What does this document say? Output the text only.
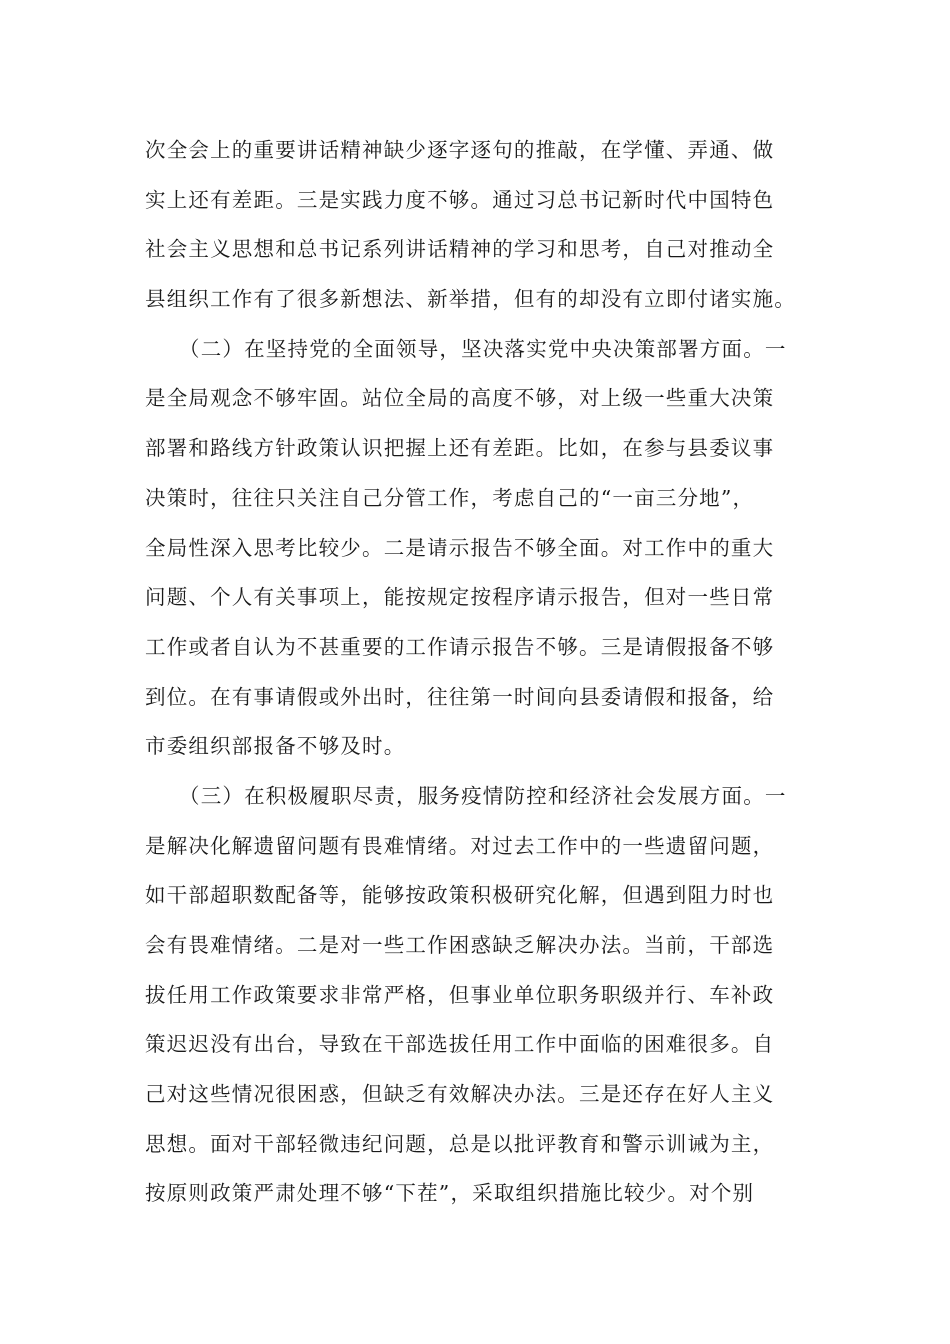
次全会上的重要讲话精神缺少逐字逐句的推敲，在学懂、弄通、做
实上还有差距。三是实践力度不够。通过习总书记新时代中国特色
社会主义思想和总书记系列讲话精神的学习和思考，自己对推动全
县组织工作有了很多新想法、新举措，但有的却没有立即付诸实施。
（二）在坚持党的全面领导，坚决落实党中央决策部署方面。一
是全局观念不够牢固。站位全局的高度不够，对上级一些重大决策
部署和路线方针政策认识把握上还有差距。比如，在参与县委议事
决策时，往往只关注自己分管工作，考虑自己的“一亩三分地”，
全局性深入思考比较少。二是请示报告不够全面。对工作中的重大
问题、个人有关事项上，能按规定按程序请示报告，但对一些日常
工作或者自认为不甚重要的工作请示报告不够。三是请假报备不够
到位。在有事请假或外出时，往往第一时间向县委请假和报备，给
市委组织部报备不够及时。
（三）在积极履职尽责，服务疫情防控和经济社会发展方面。一
是解决化解遗留问题有畏难情绪。对过去工作中的一些遗留问题，
如干部超职数配备等，能够按政策积极研究化解，但遇到阻力时也
会有畏难情绪。二是对一些工作困惑缺乏解决办法。当前，干部选
拔任用工作政策要求非常严格，但事业单位职务职级并行、车补政
策迟迟没有出台，导致在干部选拔任用工作中面临的困难很多。自
己对这些情况很困惑，但缺乏有效解决办法。三是还存在好人主义
思想。面对干部轻微违纪问题，总是以批评教育和警示训诫为主，
按原则政策严肃处理不够“下茬”，采取组织措施比较少。对个别
